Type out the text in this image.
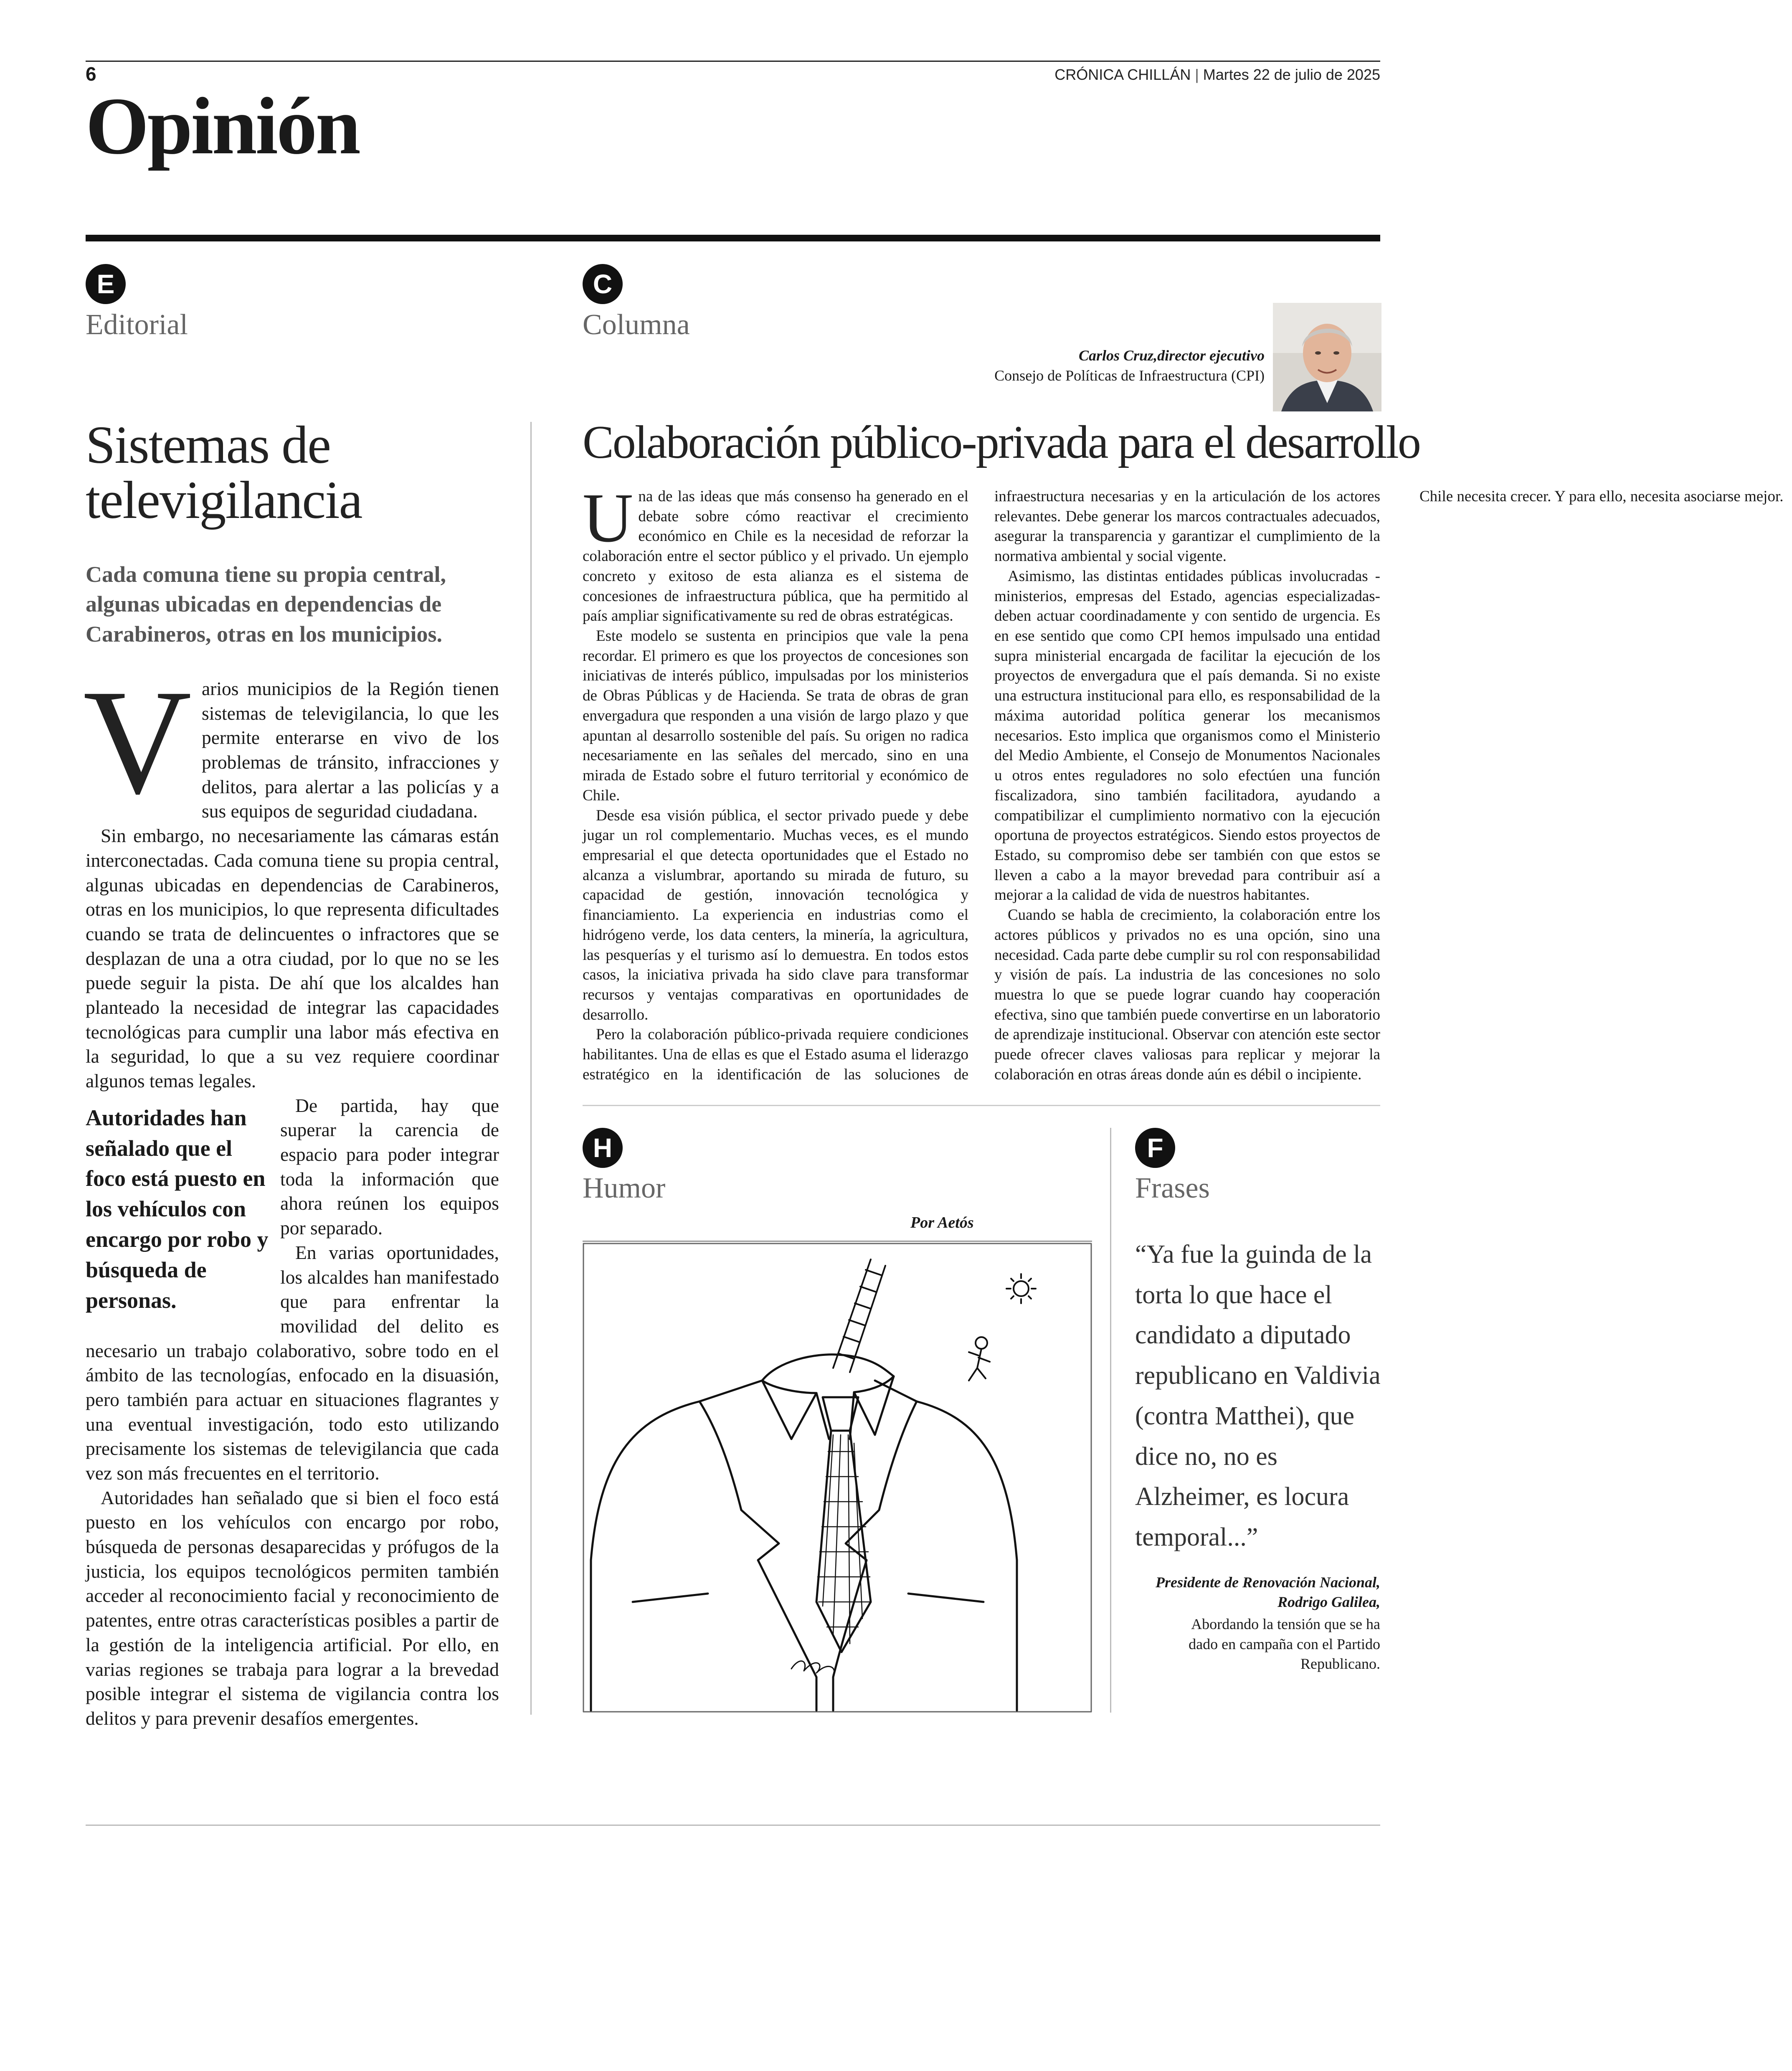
6	CRÓNICA CHILLÁN | Martes 22 de julio de 2025
Opinión
E
Editorial
Sistemas de televigilancia
Cada comuna tiene su propia central, algunas ubicadas en dependencias de Carabineros, otras en los municipios.

Varios municipios de la Región tienen sistemas de televigilancia, lo que les permite enterarse en vivo de los problemas de tránsito, infracciones y delitos, para alertar a las policías y a sus equipos de seguridad ciudadana.

Sin embargo, no necesariamente las cámaras están interconectadas. Cada comuna tiene su propia central, algunas ubicadas en dependencias de Carabineros, otras en los municipios, lo que representa dificultades cuando se trata de delincuentes o infractores que se desplazan de una a otra ciudad, por lo que no se les puede seguir la pista. De ahí que los alcaldes han planteado la necesidad de integrar las capacidades tecnológicas para cumplir una labor más efectiva en la seguridad, lo que a su vez requiere coordinar algunos temas legales.

Autoridades han señalado que el foco está puesto en los vehículos con encargo por robo y búsqueda de personas.
De partida, hay que superar la carencia de espacio para poder integrar toda la información que ahora reúnen los equipos por separado.

En varias oportunidades, los alcaldes han manifestado que para enfrentar la movilidad del delito es necesario un trabajo colaborativo, sobre todo en el ámbito de las tecnologías, enfocado en la disuasión, pero también para actuar en situaciones flagrantes y una eventual investigación, todo esto utilizando precisamente los sistemas de televigilancia que cada vez son más frecuentes en el territorio.

Autoridades han señalado que si bien el foco está puesto en los vehículos con encargo por robo, búsqueda de personas desaparecidas y prófugos de la justicia, los equipos tecnológicos permiten también acceder al reconocimiento facial y reconocimiento de patentes, entre otras características posibles a partir de la gestión de la inteligencia artificial. Por ello, en varias regiones se trabaja para lograr a la brevedad posible integrar el sistema de vigilancia contra los delitos y para prevenir desafíos emergentes.

C
Columna
Carlos Cruz,director ejecutivo
Consejo de Políticas de Infraestructura (CPI)
Colaboración público-privada para el desarrollo

Una de las ideas que más consenso ha generado en el debate sobre cómo reactivar el crecimiento económico en Chile es la necesidad de reforzar la colaboración entre el sector público y el privado. Un ejemplo concreto y exitoso de esta alianza es el sistema de concesiones de infraestructura pública, que ha permitido al país ampliar significativamente su red de obras estratégicas.

Este modelo se sustenta en principios que vale la pena recordar. El primero es que los proyectos de concesiones son iniciativas de interés público, impulsadas por los ministerios de Obras Públicas y de Hacienda. Se trata de obras de gran envergadura que responden a una visión de largo plazo y que apuntan al desarrollo sostenible del país. Su origen no radica necesariamente en las señales del mercado, sino en una mirada de Estado sobre el futuro territorial y económico de Chile.

Desde esa visión pública, el sector privado puede y debe jugar un rol complementario. Muchas veces, es el mundo empresarial el que detecta oportunidades que el Estado no alcanza a vislumbrar, aportando su mirada de futuro, su capacidad de gestión, innovación tecnológica y financiamiento. La experiencia en industrias como el hidrógeno verde, los data centers, la minería, la agricultura, las pesquerías y el turismo así lo demuestra. En todos estos casos, la iniciativa privada ha sido clave para transformar recursos y ventajas comparativas en oportunidades de desarrollo.

Pero la colaboración público-privada requiere condiciones habilitantes. Una de ellas es que el Estado asuma el liderazgo estratégico en la identificación de las soluciones de infraestructura necesarias y en la articulación de los actores relevantes. Debe generar los marcos contractuales adecuados, asegurar la transparencia y garantizar el cumplimiento de la normativa ambiental y social vigente.

Asimismo, las distintas entidades públicas involucradas - ministerios, empresas del Estado, agencias especializadas- deben actuar coordinadamente y con sentido de urgencia. Es en ese sentido que como CPI hemos impulsado una entidad supra ministerial encargada de facilitar la ejecución de los proyectos de envergadura que el país demanda. Si no existe una estructura institucional para ello, es responsabilidad de la máxima autoridad política generar los mecanismos necesarios. Esto implica que organismos como el Ministerio del Medio Ambiente, el Consejo de Monumentos Nacionales u otros entes reguladores no solo efectúen una función fiscalizadora, sino también facilitadora, ayudando a compatibilizar el cumplimiento normativo con la ejecución oportuna de proyectos estratégicos. Siendo estos proyectos de Estado, su compromiso debe ser también con que estos se lleven a cabo a la mayor brevedad para contribuir así a mejorar a la calidad de vida de nuestros habitantes.

Cuando se habla de crecimiento, la colaboración entre los actores públicos y privados no es una opción, sino una necesidad. Cada parte debe cumplir su rol con responsabilidad y visión de país. La industria de las concesiones no solo muestra lo que se puede lograr cuando hay cooperación efectiva, sino que también puede convertirse en un laboratorio de aprendizaje institucional. Observar con atención este sector puede ofrecer claves valiosas para replicar y mejorar la colaboración en otras áreas donde aún es débil o incipiente.

Chile necesita crecer. Y para ello, necesita asociarse mejor.

H
Humor
Por Aetós
F
Frases
“Ya fue la guinda de la torta lo que hace el candidato a diputado republicano en Valdivia (contra Matthei), que dice no, no es Alzheimer, es locura temporal...”
Presidente de Renovación Nacional,
Rodrigo Galilea,
Abordando la tensión que se ha dado en campaña con el Partido Republicano.
